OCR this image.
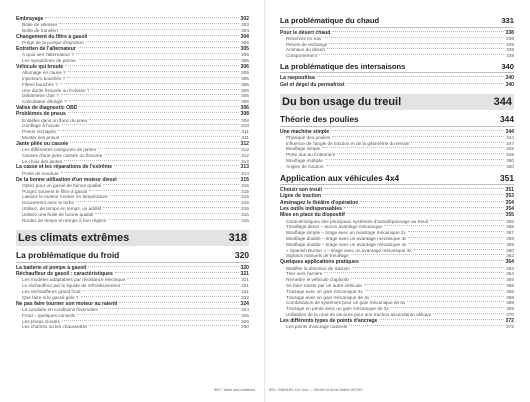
Embrayage	302
Boite de vitesses	303
Boîte de transfert	304
Changement du filtre à gasoil	304
Purge de la pompe d'injection	305
Entretien de l'alternateur	305
À quoi sert l'alternateur ?	305
Les symptômes de panne	306
Véhicule qui broute	306
Allumage en cause ?	306
Injecteurs bouchés ?	306
Filtres bouchés ?	306
Une durite fissurée ou froissée ?	306
Débitmètre d'air ?	306
Calculateur déréglé ?	306
Valise de diagnostic OBD	306
Problèmes de pneus	308
Entailles dans un flanc du pneu	308
Gonflage à l'azote	310
Pneus rechapés	311
Monter ses pneus	311
Jante pliée ou cassée	312
Les différentes catégories de jantes	312
Causes d'une jante cassée ou fissurée	312
Le choix des jantes	312
La casse et les réparations de l'extrême	313
Poste de soudure	313
De la bonne utilisation d'un moteur diesel	315
Optez pour un gasoil de bonne qualité	315
Purgez souvent le filtre à gasoil	315
Laissez le moteur monter en température	315
Doucement avec le turbo	315
Utilisez, de temps en temps, un additif	316
Utilisez une huile de bonne qualité	316
Roulez de temps en temps à bon régime	316
Les climats extrêmes	318
La problématique du froid	320
La batterie et pompe à gasoil	320
Réchauffeur de gasoil : caractéristiques	321
Les modèles adaptables par résistance électrique	321
Le réchauffeur par le liquide de refroidissement	321
Les réchauffeurs grand froid	321
Que faire si le gasoil gèle ?	322
Ne pas faire tourner son moteur au ralenti	324
La conduite en conditions hivernales	324
Froid – quelques conseils	326
Les pneus cloutés	326
Les chaînes ou les chaussettes	330
800 / Table des matières
La problématique du chaud	331
Pour le désert chaud	338
Réserves en eau	339
Pièces de rechange	339
Animaux du désert	339
Comportement	339
La problématique des intersaisons	340
La raspoutitsa	340
Gel et dégel du permafrost	340
Du bon usage du treuil	344
Théorie des poulies	344
Une machine simple	344
Physique des poulies	344
Influence de l'angle de traction et de la géométrie du terrain	347
Mouflage simple	348
Perte due au frottement	349
Mouflage multiple	350
Angles de traction	350
Application aux véhicules 4x4	351
Choisir son treuil	351
Ligne de traction	353
Aménagez le théâtre d'opération	354
Les outils indispensables	354
Mise en place du dispositif	355
Caractéristiques des principaux systèmes d'autodépannage au treuil	356
Treuillage direct – aucun avantage mécanique	356
Mouflage simple – tirage avec un avantage mécanique 2x	357
Mouflage double – tirage avec un avantage mécanique 3x	358
Mouflage double – tirage avec un avantage mécanique 4x	359
« Spanish Burton » – tirage avec un avantage mécanique 3x	360
Signaux manuels de treuillage	362
Quelques applications pratiques	364
Modifier la direction de traction	364
Tirer vers l'arrière	364
Remettre le véhicule d'aplomb	365
Se faire tracter par un autre véhicule	366
Tractage avec un gain mécanique 2x	366
Tractage avec un gain mécanique de 4x	368
Combinaison de systèmes pour un gain mécanique de 6x	368
Tractage en pente avec un gain mécanique de 3x	369
Utilisation de la roue de secours pour une traction ascendante oblique	370
Les différents types de points d'ancrage	372
Les points d'ancrage naturels	372
800 / MANUEL DU 4x4 — Michel et Anne-Marie DETAY
